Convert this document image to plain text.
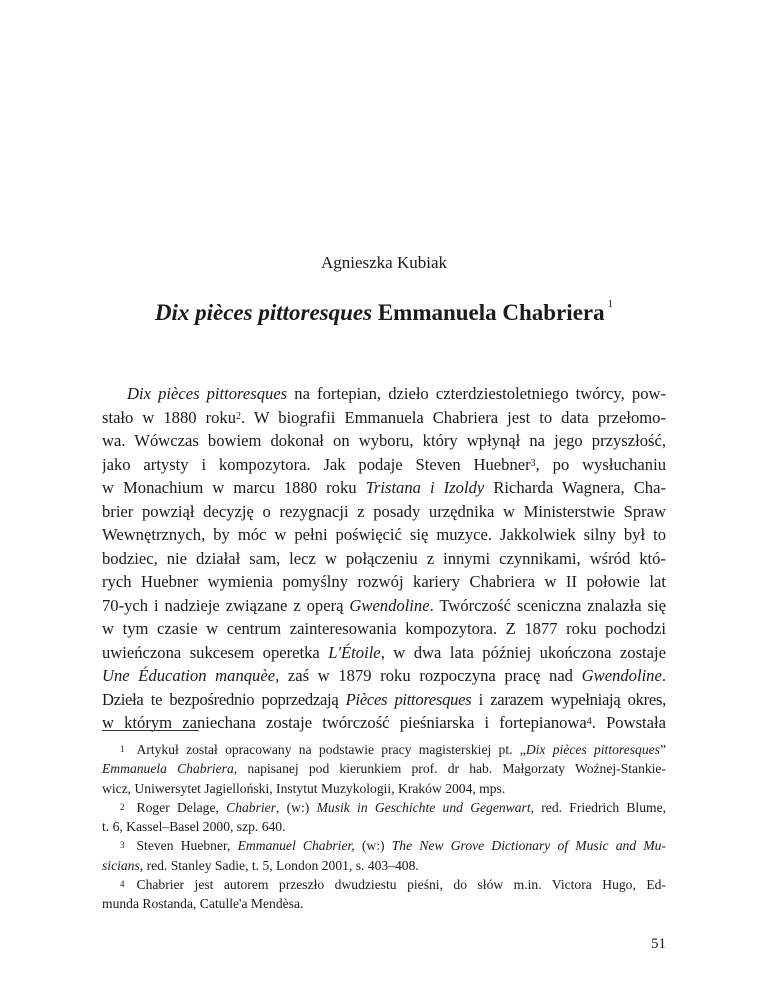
Agnieszka Kubiak
Dix pièces pittoresques Emmanuela Chabriera $^1$
Dix pièces pittoresques na fortepian, dzieło czterdziestoletniego twórcy, pow-
stało w 1880 roku$^2$. W biografii Emmanuela Chabriera jest to data przełomo-
wa. Wówczas bowiem dokonał on wyboru, który wpłynął na jego przyszłość,
jako artysty i kompozytora. Jak podaje Steven Huebner$^3$, po wysłuchaniu
w Monachium w marcu 1880 roku Tristana i Izoldy Richarda Wagnera, Cha-
brier powziął decyzję o rezygnacji z posady urzędnika w Ministerstwie Spraw
Wewnętrznych, by móc w pełni poświęcić się muzyce. Jakkolwiek silny był to
bodziec, nie działał sam, lecz w połączeniu z innymi czynnikami, wśród któ-
rych Huebner wymienia pomyślny rozwój kariery Chabriera w II połowie lat
70-ych i nadzieje związane z operą Gwendoline. Twórczość sceniczna znalazła się
w tym czasie w centrum zainteresowania kompozytora. Z 1877 roku pochodzi
uwieńczona sukcesem operetka L'Étoile, w dwa lata później ukończona zostaje
Une Éducation manquèe, zaś w 1879 roku rozpoczyna pracę nad Gwendoline.
Dzieła te bezpośrednio poprzedzają Pièces pittoresques i zarazem wypełniają okres,
w którym zaniechana zostaje twórczość pieśniarska i fortepianowa$^4$. Powstała
$^1$ Artykuł został opracowany na podstawie pracy magisterskiej pt. „Dix pièces pittoresques”
Emmanuela Chabriera, napisanej pod kierunkiem prof. dr hab. Małgorzaty Woźnej-Stankie-
wicz, Uniwersytet Jagielloński, Instytut Muzykologii, Kraków 2004, mps.
$^2$ Roger Delage, Chabrier, (w:) Musik in Geschichte und Gegenwart, red. Friedrich Blume,
t. 6, Kassel–Basel 2000, szp. 640.
$^3$ Steven Huebner, Emmanuel Chabrier, (w:) The New Grove Dictionary of Music and Mu-
sicians, red. Stanley Sadie, t. 5, London 2001, s. 403–408.
$^4$ Chabrier jest autorem przeszło dwudziestu pieśni, do słów m.in. Victora Hugo, Ed-
munda Rostanda, Catulle'a Mendèsa.
51
